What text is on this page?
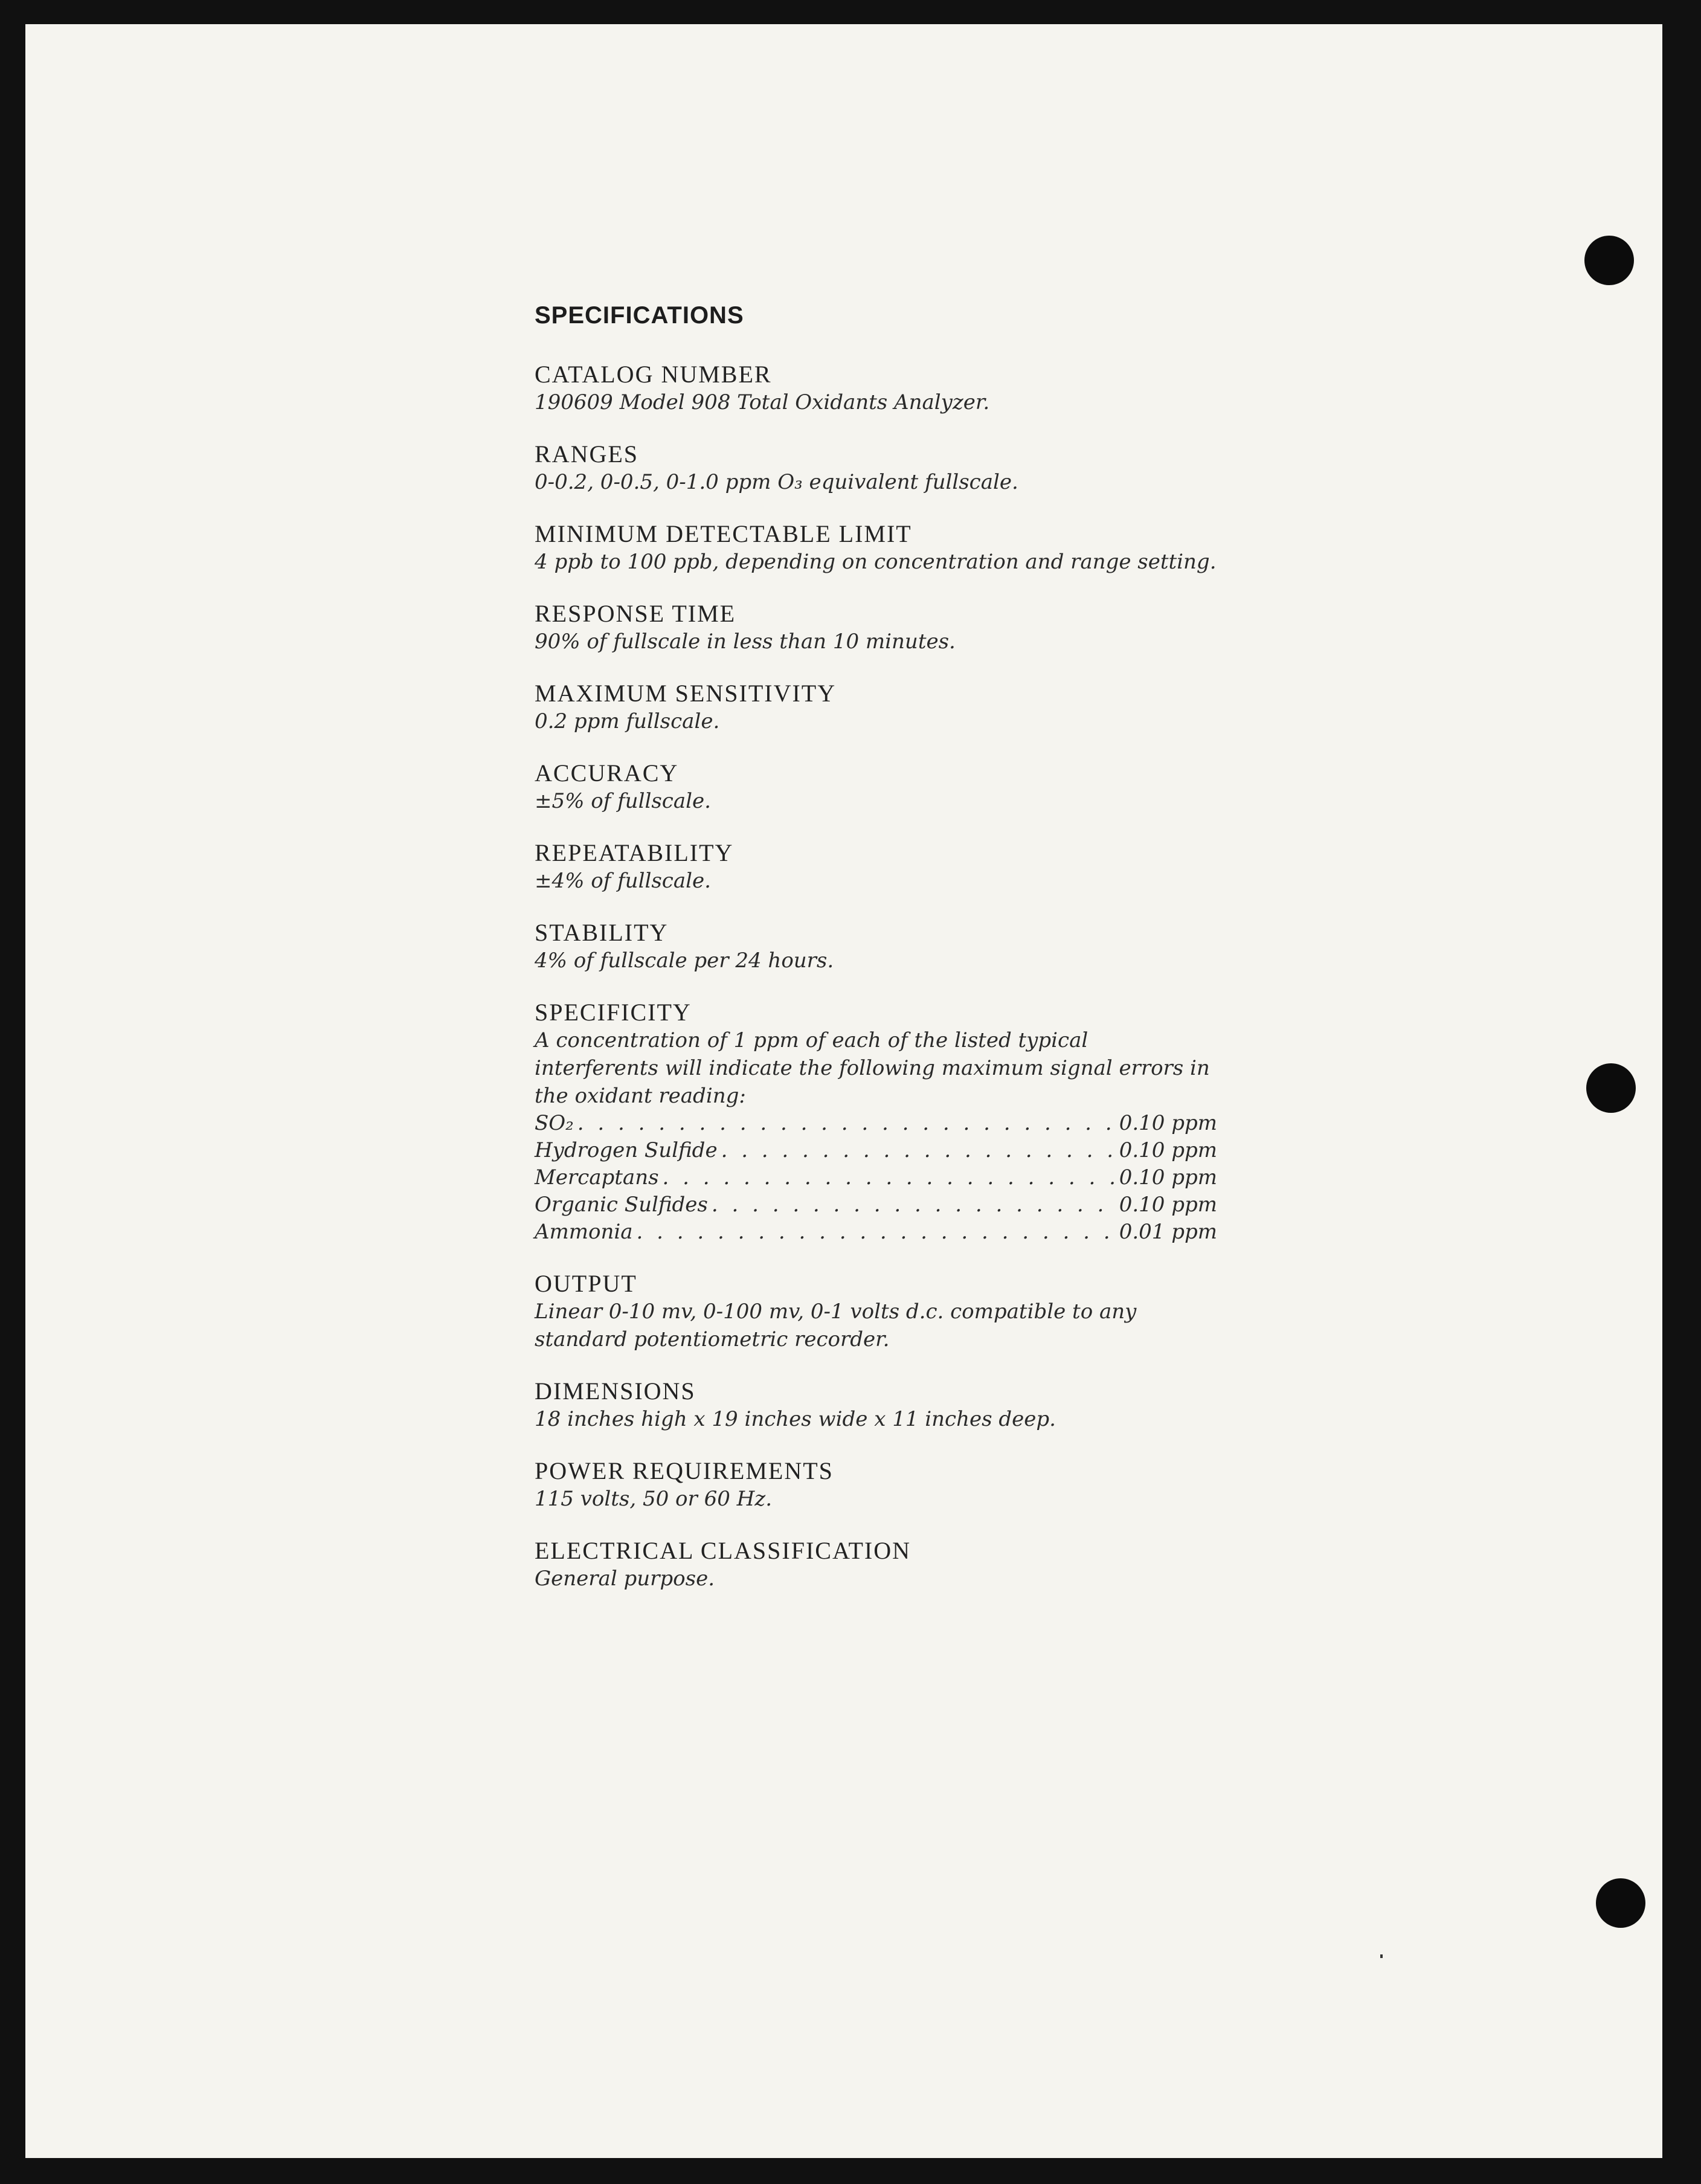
SPECIFICATIONS
CATALOG NUMBER
190609 Model 908 Total Oxidants Analyzer.
RANGES
0-0.2, 0-0.5, 0-1.0 ppm O₃ equivalent fullscale.
MINIMUM DETECTABLE LIMIT
4 ppb to 100 ppb, depending on concentration and range setting.
RESPONSE TIME
90% of fullscale in less than 10 minutes.
MAXIMUM SENSITIVITY
0.2 ppm fullscale.
ACCURACY
±5% of fullscale.
REPEATABILITY
±4% of fullscale.
STABILITY
4% of fullscale per 24 hours.
SPECIFICITY
A concentration of 1 ppm of each of the listed typical interferents will indicate the following maximum signal errors in the oxidant reading:
SO₂ . . .	0.10 ppm
Hydrogen Sulfide . . .	0.10 ppm
Mercaptans . . .	0.10 ppm
Organic Sulfides . . .	0.10 ppm
Ammonia . . .	0.01 ppm
OUTPUT
Linear 0-10 mv, 0-100 mv, 0-1 volts d.c. compatible to any standard potentiometric recorder.
DIMENSIONS
18 inches high x 19 inches wide x 11 inches deep.
POWER REQUIREMENTS
115 volts, 50 or 60 Hz.
ELECTRICAL CLASSIFICATION
General purpose.
